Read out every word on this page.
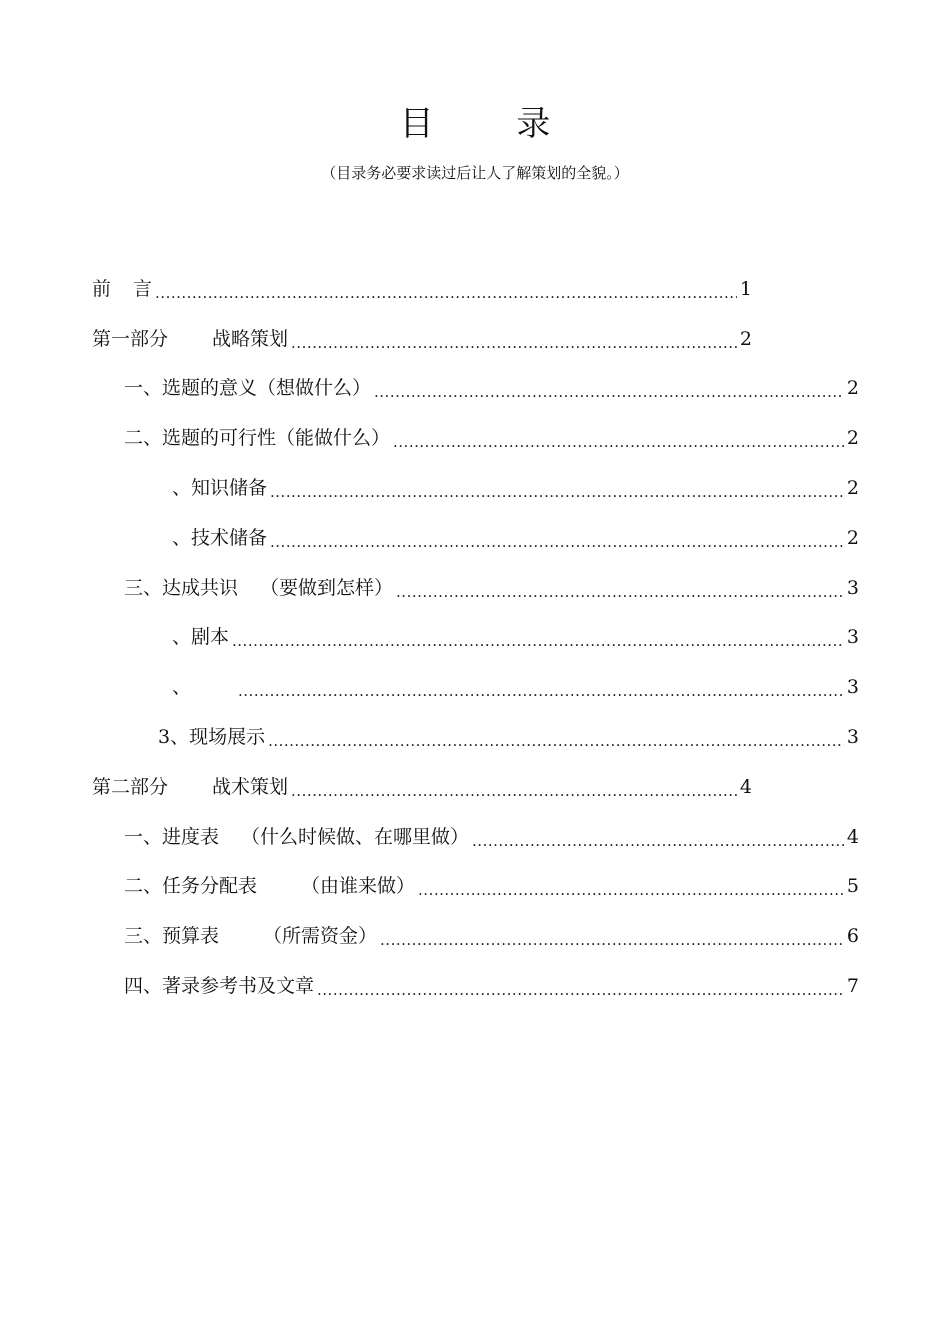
目 录
（目录务必要求读过后让人了解策划的全貌。）
前 言 .....	1
第一部分 战略策划 .....	2
一、选题的意义（想做什么） .....	2
二、选题的可行性（能做什么） .....	2
、知识储备 .....	2
、技术储备 .....	2
三、达成共识 （要做到怎样） .....	3
、剧本 .....	3
、 .....	3
3、现场展示 .....	3
第二部分 战术策划 .....	4
一、进度表 （什么时候做、在哪里做） .....	4
二、任务分配表 （由谁来做） .....	5
三、预算表 （所需资金） .....	6
四、著录参考书及文章 .....	7
